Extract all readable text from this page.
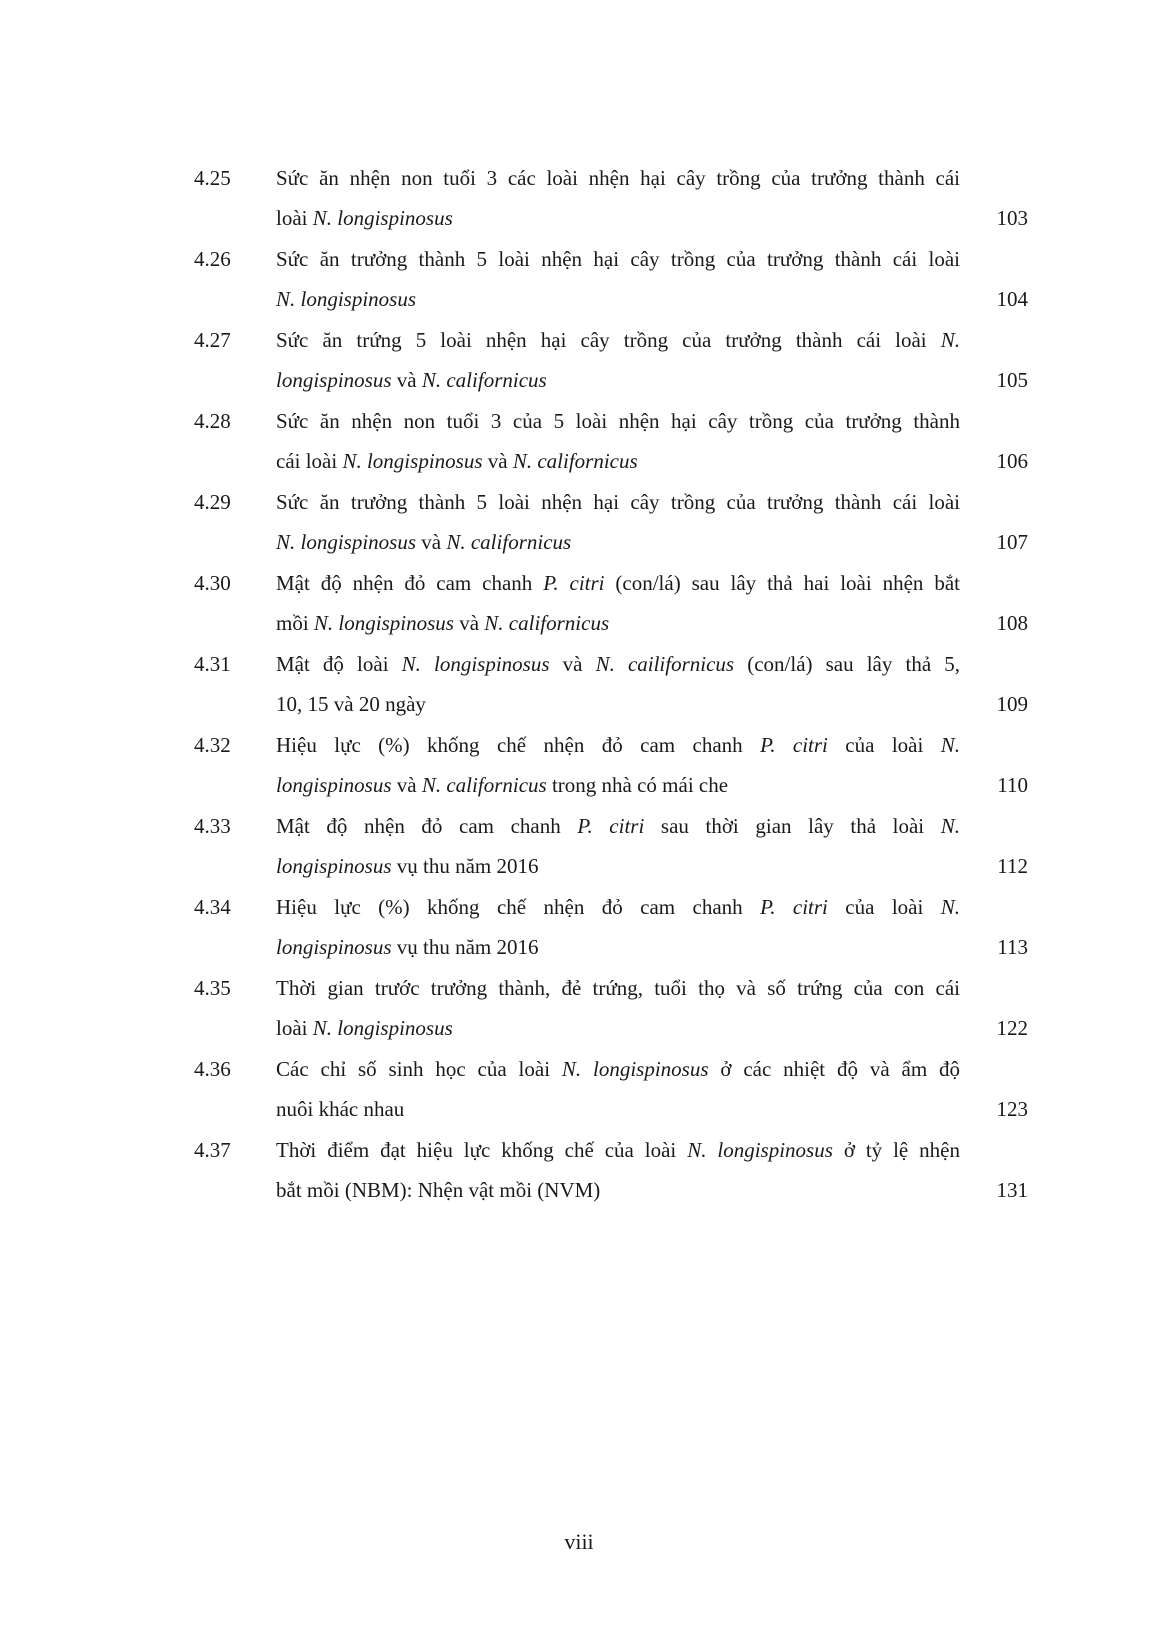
4.25	Sức ăn nhện non tuổi 3 các loài nhện hại cây trồng của trưởng thành cái
loài N. longispinosus	103
4.26	Sức ăn trưởng thành 5 loài nhện hại cây trồng của trưởng thành cái loài
N. longispinosus	104
4.27	Sức ăn trứng 5 loài nhện hại cây trồng của trưởng thành cái loài N.
longispinosus và N. californicus	105
4.28	Sức ăn nhện non tuổi 3 của 5 loài nhện hại cây trồng của trưởng thành
cái loài N. longispinosus và N. californicus	106
4.29	Sức ăn trưởng thành 5 loài nhện hại cây trồng của trưởng thành cái loài
N. longispinosus và N. californicus	107
4.30	Mật độ nhện đỏ cam chanh P. citri (con/lá) sau lây thả hai loài nhện bắt
mồi N. longispinosus và N. californicus	108
4.31	Mật độ loài N. longispinosus và N. cailifornicus (con/lá) sau lây thả 5,
10, 15 và 20 ngày	109
4.32	Hiệu lực (%) khống chế nhện đỏ cam chanh P. citri của loài N.
longispinosus và N. californicus trong nhà có mái che	110
4.33	Mật độ nhện đỏ cam chanh P. citri sau thời gian lây thả loài N.
longispinosus vụ thu năm 2016	112
4.34	Hiệu lực (%) khống chế nhện đỏ cam chanh P. citri của loài N.
longispinosus vụ thu năm 2016	113
4.35	Thời gian trước trưởng thành, đẻ trứng, tuổi thọ và số trứng của con cái
loài N. longispinosus	122
4.36	Các chỉ số sinh học của loài N. longispinosus ở các nhiệt độ và ẩm độ
nuôi khác nhau	123
4.37	Thời điểm đạt hiệu lực khống chế của loài N. longispinosus ở tỷ lệ nhện
bắt mồi (NBM): Nhện vật mồi (NVM)	131
viii
